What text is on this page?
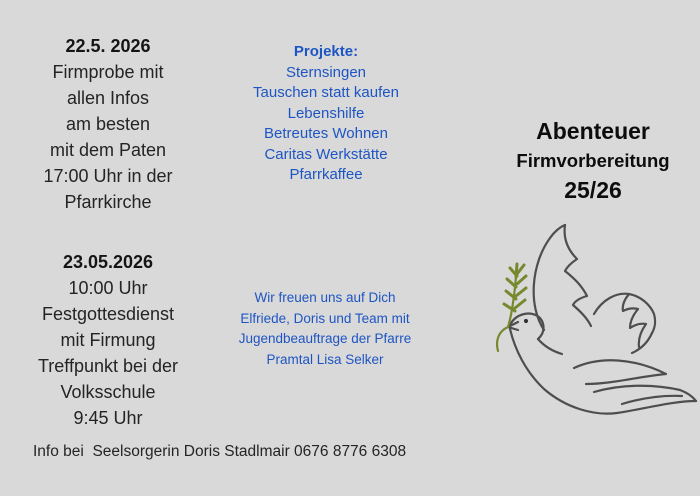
22.5. 2026
Firmprobe mit
allen Infos
am besten
mit dem Paten
17:00 Uhr in der
Pfarrkirche
23.05.2026
10:00 Uhr
Festgottesdienst
mit Firmung
Treffpunkt bei der
Volksschule
9:45 Uhr
Projekte:
Sternsingen
Tauschen statt kaufen
Lebenshilfe
Betreutes Wohnen
Caritas Werkstätte
Pfarrkaffee
Wir freuen uns auf Dich
Elfriede, Doris und Team mit
Jugendbeauftrage der Pfarre
Pramtal Lisa Selker
Abenteuer
Firmvorbereitung
25/26
Info bei  Seelsorgerin Doris Stadlmair 0676 8776 6308
